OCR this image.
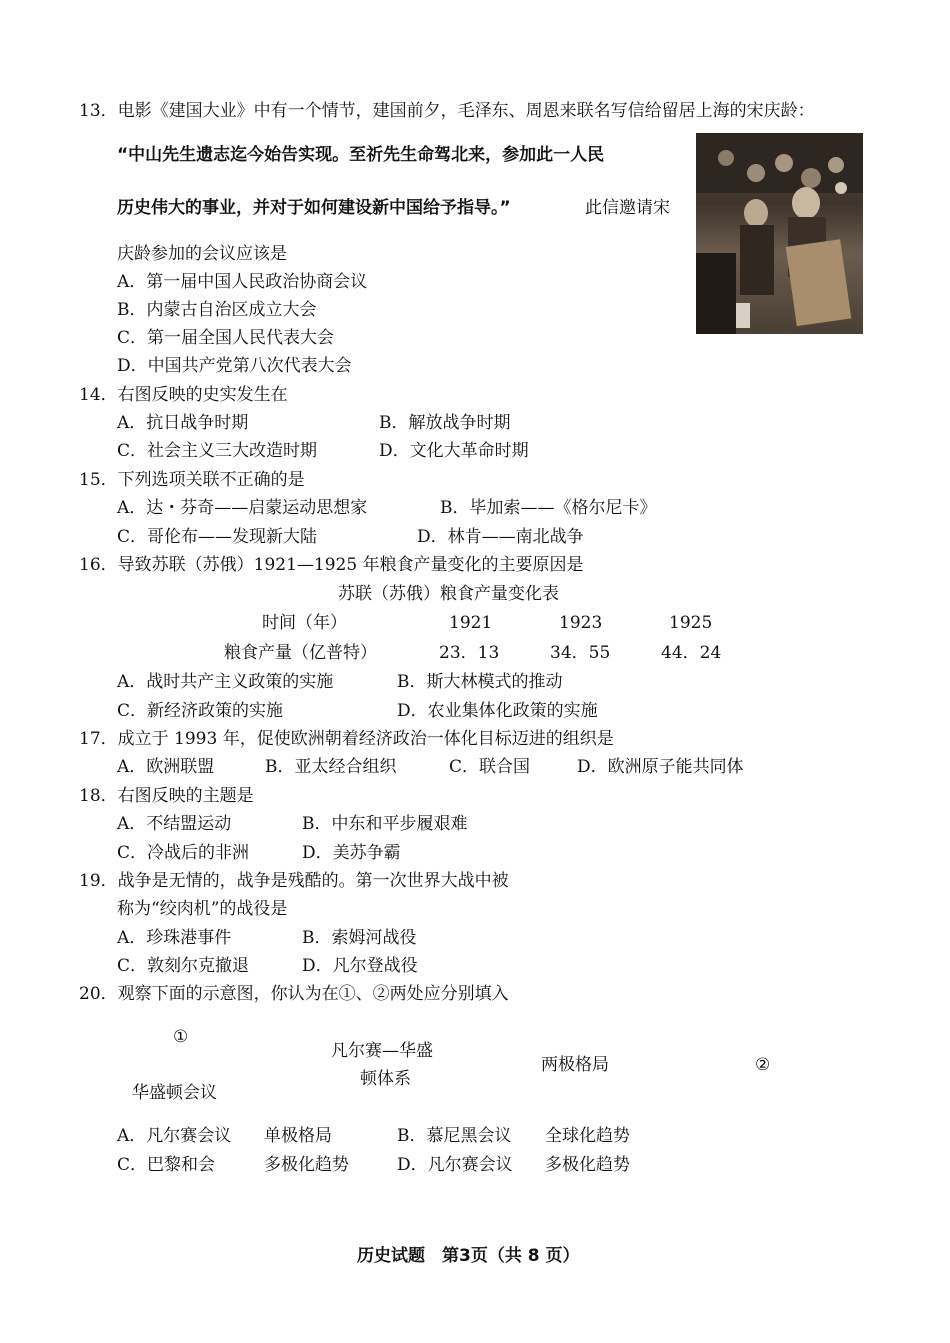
13．电影《建国大业》中有一个情节，建国前夕，毛泽东、周恩来联名写信给留居上海的宋庆龄：
“中山先生遗志迄今始告实现。至祈先生命驾北来，参加此一人民
历史伟大的事业，并对于如何建设新中国给予指导。”	此信邀请宋
庆龄参加的会议应该是
A．第一届中国人民政治协商会议
B．内蒙古自治区成立大会
C．第一届全国人民代表大会
D．中国共产党第八次代表大会
14．右图反映的史实发生在
A．抗日战争时期	B．解放战争时期
C．社会主义三大改造时期	D．文化大革命时期
15．下列选项关联不正确的是
A．达・芬奇——启蒙运动思想家	B．毕加索——《格尔尼卡》
C．哥伦布——发现新大陆	D．林肯——南北战争
16．导致苏联（苏俄）1921—1925 年粮食产量变化的主要原因是
苏联（苏俄）粮食产量变化表
时间（年）	1921	1923	1925
粮食产量（亿普特）	23．13	34．55	44．24
A．战时共产主义政策的实施	B．斯大林模式的推动
C．新经济政策的实施	D．农业集体化政策的实施
17．成立于 1993 年，促使欧洲朝着经济政治一体化目标迈进的组织是
A．欧洲联盟	B．亚太经合组织	C．联合国	D．欧洲原子能共同体
18．右图反映的主题是
A．不结盟运动	B．中东和平步履艰难
C．冷战后的非洲	D．美苏争霸
19．战争是无情的，战争是残酷的。第一次世界大战中被
称为“绞肉机”的战役是
A．珍珠港事件	B．索姆河战役
C．敦刻尔克撤退	D．凡尔登战役
20．观察下面的示意图，你认为在①、②两处应分别填入
①
凡尔赛—华盛
顿体系
两极格局	②
华盛顿会议
A．凡尔赛会议 单极格局	B．慕尼黑会议 全球化趋势
C．巴黎和会	多极化趋势	D．凡尔赛会议 多极化趋势
历史试题　第3页（共 8 页）
